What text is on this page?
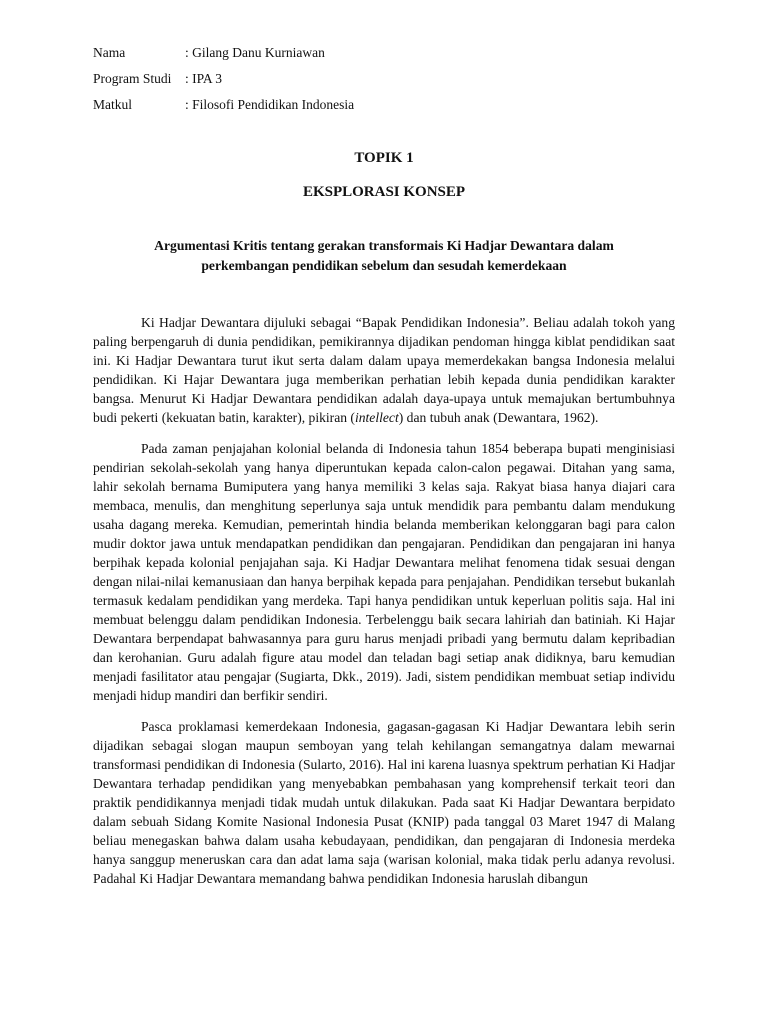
Nama	: Gilang Danu Kurniawan
Program Studi	: IPA 3
Matkul	: Filosofi Pendidikan Indonesia
TOPIK 1
EKSPLORASI KONSEP
Argumentasi Kritis tentang gerakan transformais Ki Hadjar Dewantara dalam
perkembangan pendidikan sebelum dan sesudah kemerdekaan

Ki Hadjar Dewantara dijuluki sebagai “Bapak Pendidikan Indonesia”. Beliau adalah tokoh yang paling berpengaruh di dunia pendidikan, pemikirannya dijadikan pendoman hingga kiblat pendidikan saat ini. Ki Hadjar Dewantara turut ikut serta dalam dalam upaya memerdekakan bangsa Indonesia melalui pendidikan. Ki Hajar Dewantara juga memberikan perhatian lebih kepada dunia pendidikan karakter bangsa. Menurut Ki Hadjar Dewantara pendidikan adalah daya-upaya untuk memajukan bertumbuhnya budi pekerti (kekuatan batin, karakter), pikiran (intellect) dan tubuh anak (Dewantara, 1962).

Pada zaman penjajahan kolonial belanda di Indonesia tahun 1854 beberapa bupati menginisiasi pendirian sekolah-sekolah yang hanya diperuntukan kepada calon-calon pegawai. Ditahan yang sama, lahir sekolah bernama Bumiputera yang hanya memiliki 3 kelas saja. Rakyat biasa hanya diajari cara membaca, menulis, dan menghitung seperlunya saja untuk mendidik para pembantu dalam mendukung usaha dagang mereka. Kemudian, pemerintah hindia belanda memberikan kelonggaran bagi para calon mudir doktor jawa untuk mendapatkan pendidikan dan pengajaran. Pendidikan dan pengajaran ini hanya berpihak kepada kolonial penjajahan saja. Ki Hadjar Dewantara melihat fenomena tidak sesuai dengan dengan nilai-nilai kemanusiaan dan hanya berpihak kepada para penjajahan. Pendidikan tersebut bukanlah termasuk kedalam pendidikan yang merdeka. Tapi hanya pendidikan untuk keperluan politis saja. Hal ini membuat belenggu dalam pendidikan Indonesia. Terbelenggu baik secara lahiriah dan batiniah. Ki Hajar Dewantara berpendapat bahwasannya para guru harus menjadi pribadi yang bermutu dalam kepribadian dan kerohanian. Guru adalah figure atau model dan teladan bagi setiap anak didiknya, baru kemudian menjadi fasilitator atau pengajar (Sugiarta, Dkk., 2019). Jadi, sistem pendidikan membuat setiap individu menjadi hidup mandiri dan berfikir sendiri.

Pasca proklamasi kemerdekaan Indonesia, gagasan-gagasan Ki Hadjar Dewantara lebih serin dijadikan sebagai slogan maupun semboyan yang telah kehilangan semangatnya dalam mewarnai transformasi pendidikan di Indonesia (Sularto, 2016). Hal ini karena luasnya spektrum perhatian Ki Hadjar Dewantara terhadap pendidikan yang menyebabkan pembahasan yang komprehensif terkait teori dan praktik pendidikannya menjadi tidak mudah untuk dilakukan. Pada saat Ki Hadjar Dewantara berpidato dalam sebuah Sidang Komite Nasional Indonesia Pusat (KNIP) pada tanggal 03 Maret 1947 di Malang beliau menegaskan bahwa dalam usaha kebudayaan, pendidikan, dan pengajaran di Indonesia merdeka hanya sanggup meneruskan cara dan adat lama saja (warisan kolonial, maka tidak perlu adanya revolusi. Padahal Ki Hadjar Dewantara memandang bahwa pendidikan Indonesia haruslah dibangun
